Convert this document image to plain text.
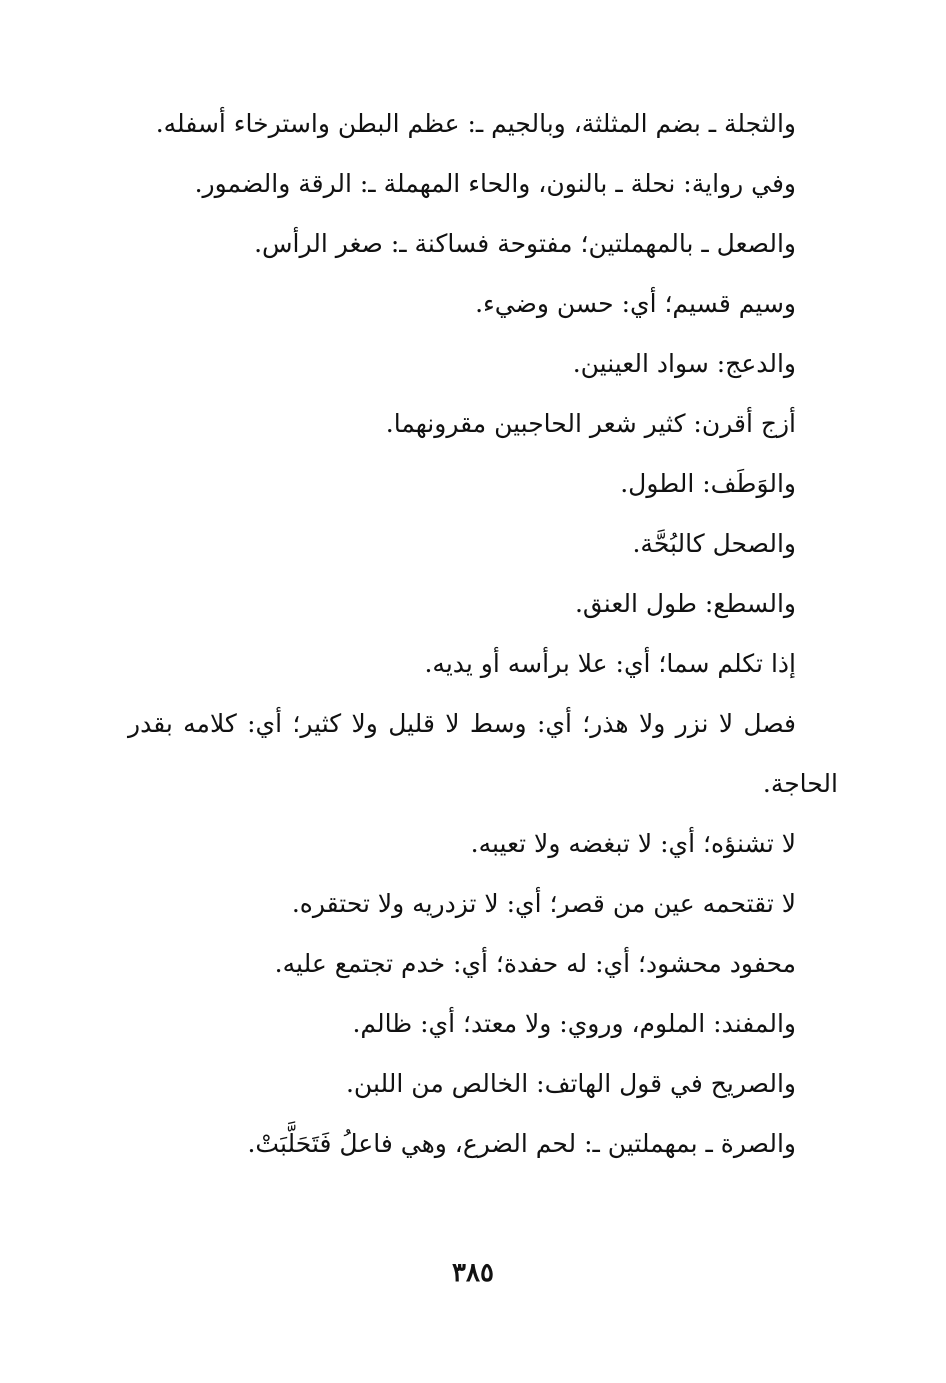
والثجلة ـ بضم المثلثة، وبالجيم ـ: عظم البطن واسترخاء أسفله.

وفي رواية: نحلة ـ بالنون، والحاء المهملة ـ: الرقة والضمور.

والصعل ـ بالمهملتين؛ مفتوحة فساكنة ـ: صغر الرأس.

وسيم قسيم؛ أي: حسن وضيء.

والدعج: سواد العينين.

أزج أقرن: كثير شعر الحاجبين مقرونهما.

والوَطَف: الطول.

والصحل كالبُحَّة.

والسطع: طول العنق.

إذا تكلم سما؛ أي: علا برأسه أو يديه.

فصل لا نزر ولا هذر؛ أي: وسط لا قليل ولا كثير؛ أي: كلامه بقدر الحاجة.

لا تشنؤه؛ أي: لا تبغضه ولا تعيبه.

لا تقتحمه عين من قصر؛ أي: لا تزدريه ولا تحتقره.

محفود محشود؛ أي: له حفدة؛ أي: خدم تجتمع عليه.

والمفند: الملوم، وروي: ولا معتد؛ أي: ظالم.

والصريح في قول الهاتف: الخالص من اللبن.

والصرة ـ بمهملتين ـ: لحم الضرع، وهي فاعلُ فَتَحَلَّبَتْ.

٣٨٥
